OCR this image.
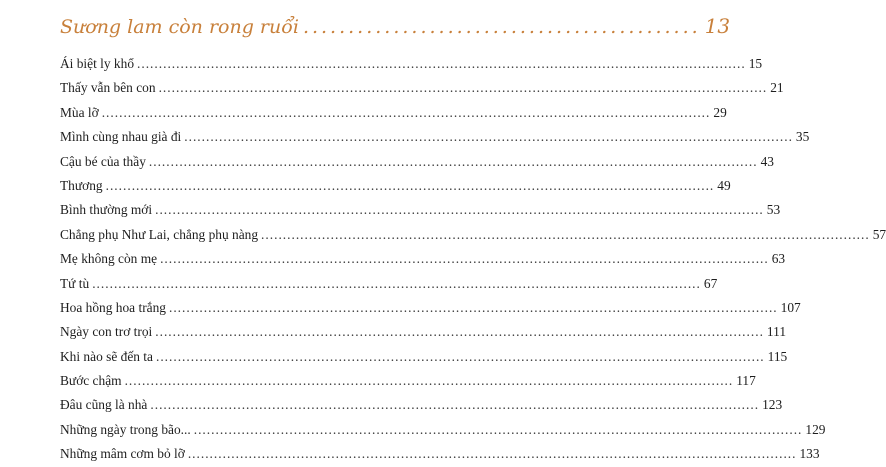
Sương lam còn rong ruổi ............................................ 13
Ái biệt ly khổ ............................................................................................................................................ 15
Thấy vẫn bên con ............................................................................................................................................ 21
Mùa lỡ ............................................................................................................................................ 29
Mình cùng nhau già đi ............................................................................................................................................ 35
Cậu bé của thầy ............................................................................................................................................ 43
Thương ............................................................................................................................................ 49
Bình thường mới ............................................................................................................................................ 53
Chẳng phụ Như Lai, chẳng phụ nàng ............................................................................................................................................ 57
Mẹ không còn mẹ ............................................................................................................................................ 63
Tứ tù ............................................................................................................................................ 67
Hoa hồng hoa trắng ............................................................................................................................................ 107
Ngày con trơ trọi ............................................................................................................................................ 111
Khi nào sẽ đến ta ............................................................................................................................................ 115
Bước chậm ............................................................................................................................................ 117
Đâu cũng là nhà ............................................................................................................................................ 123
Những ngày trong bão... ............................................................................................................................................ 129
Những mâm cơm bỏ lỡ ............................................................................................................................................ 133
